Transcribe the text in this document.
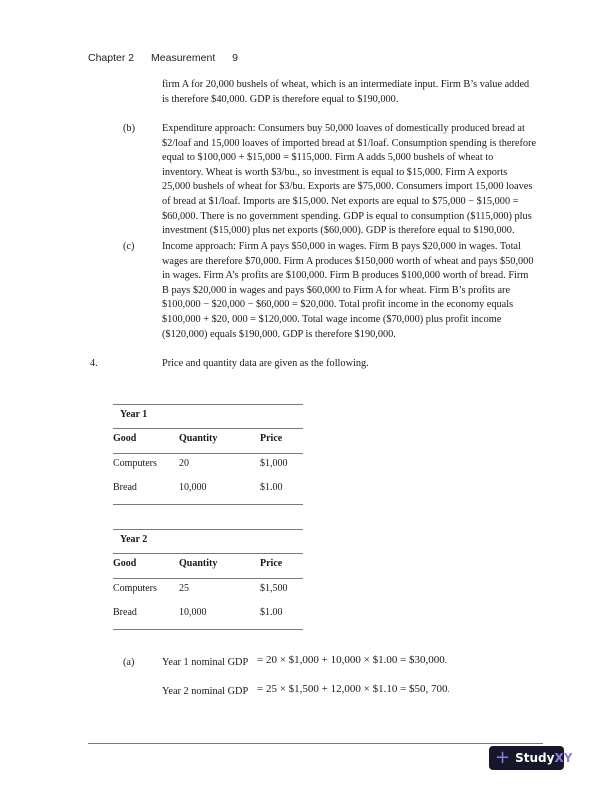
Chapter 2 Measurement 9
firm A for 20,000 bushels of wheat, which is an intermediate input. Firm B’s value added
is therefore $40,000. GDP is therefore equal to $190,000.
(b)	Expenditure approach: Consumers buy 50,000 loaves of domestically produced bread at
$2/loaf and 15,000 loaves of imported bread at $1/loaf. Consumption spending is therefore
equal to $100,000 + $15,000 = $115,000. Firm A adds 5,000 bushels of wheat to
inventory. Wheat is worth $3/bu., so investment is equal to $15,000. Firm A exports
25,000 bushels of wheat for $3/bu. Exports are $75,000. Consumers import 15,000 loaves
of bread at $1/loaf. Imports are $15,000. Net exports are equal to $75,000 − $15,000 =
$60,000. There is no government spending. GDP is equal to consumption ($115,000) plus
investment ($15,000) plus net exports ($60,000). GDP is therefore equal to $190,000.
(c)	Income approach: Firm A pays $50,000 in wages. Firm B pays $20,000 in wages. Total
wages are therefore $70,000. Firm A produces $150,000 worth of wheat and pays $50,000
in wages. Firm A’s profits are $100,000. Firm B produces $100,000 worth of bread. Firm
B pays $20,000 in wages and pays $60,000 to Firm A for wheat. Firm B’s profits are
$100,000 − $20,000 − $60,000 = $20,000. Total profit income in the economy equals
$100,000 + $20, 000 = $120,000. Total wage income ($70,000) plus profit income
($120,000) equals $190,000. GDP is therefore $190,000.
4.	Price and quantity data are given as the following.
Year 1
Good	Quantity	Price
Computers 20	$1,000
Bread	10,000	$1.00
Year 2
Good	Quantity	Price
Computers 25	$1,500
Bread	10,000	$1.00
(a)	Year 1 nominal GDP = 20 × $1,000 + 10,000 × $1.00 = $30,000.
Year 2 nominal GDP = 25 × $1,500 + 12,000 × $1.10 = $50, 700.
+ Study XY
